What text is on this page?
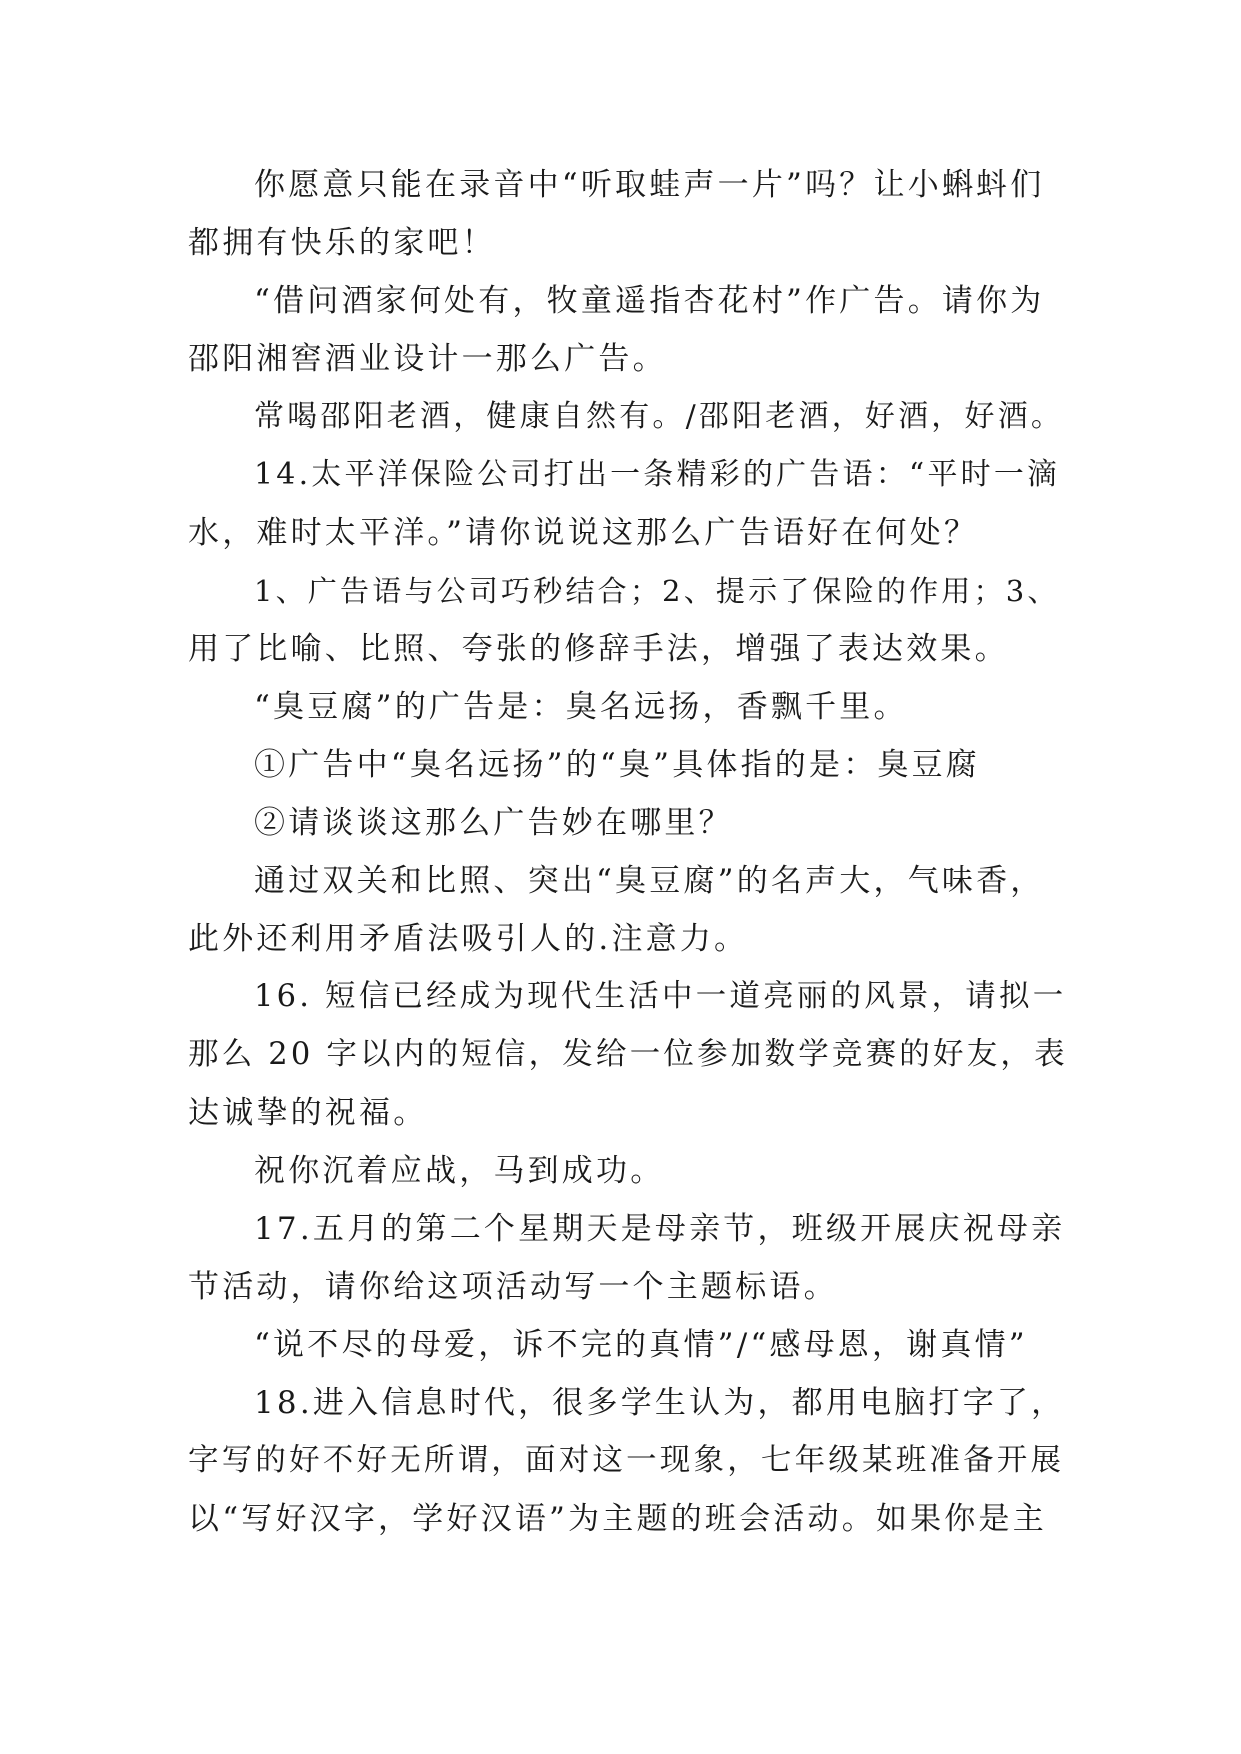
你愿意只能在录音中“听取蛙声一片”吗？让小蝌蚪们
都拥有快乐的家吧！
“借问酒家何处有，牧童遥指杏花村”作广告。请你为
邵阳湘窖酒业设计一那么广告。
常喝邵阳老酒，健康自然有。/邵阳老酒，好酒，好酒。
14.太平洋保险公司打出一条精彩的广告语：“平时一滴
水，难时太平洋。”请你说说这那么广告语好在何处？
1、广告语与公司巧秒结合；2、提示了保险的作用；3、
用了比喻、比照、夸张的修辞手法，增强了表达效果。
“臭豆腐”的广告是：臭名远扬，香飘千里。
①广告中“臭名远扬”的“臭”具体指的是：臭豆腐
②请谈谈这那么广告妙在哪里？
通过双关和比照、突出“臭豆腐”的名声大，气味香，
此外还利用矛盾法吸引人的.注意力。
16. 短信已经成为现代生活中一道亮丽的风景，请拟一
那么 20 字以内的短信，发给一位参加数学竞赛的好友，表
达诚挚的祝福。
祝你沉着应战，马到成功。
17.五月的第二个星期天是母亲节，班级开展庆祝母亲
节活动，请你给这项活动写一个主题标语。
“说不尽的母爱，诉不完的真情”/“感母恩，谢真情”
18.进入信息时代，很多学生认为，都用电脑打字了，
字写的好不好无所谓，面对这一现象，七年级某班准备开展
以“写好汉字，学好汉语”为主题的班会活动。如果你是主
